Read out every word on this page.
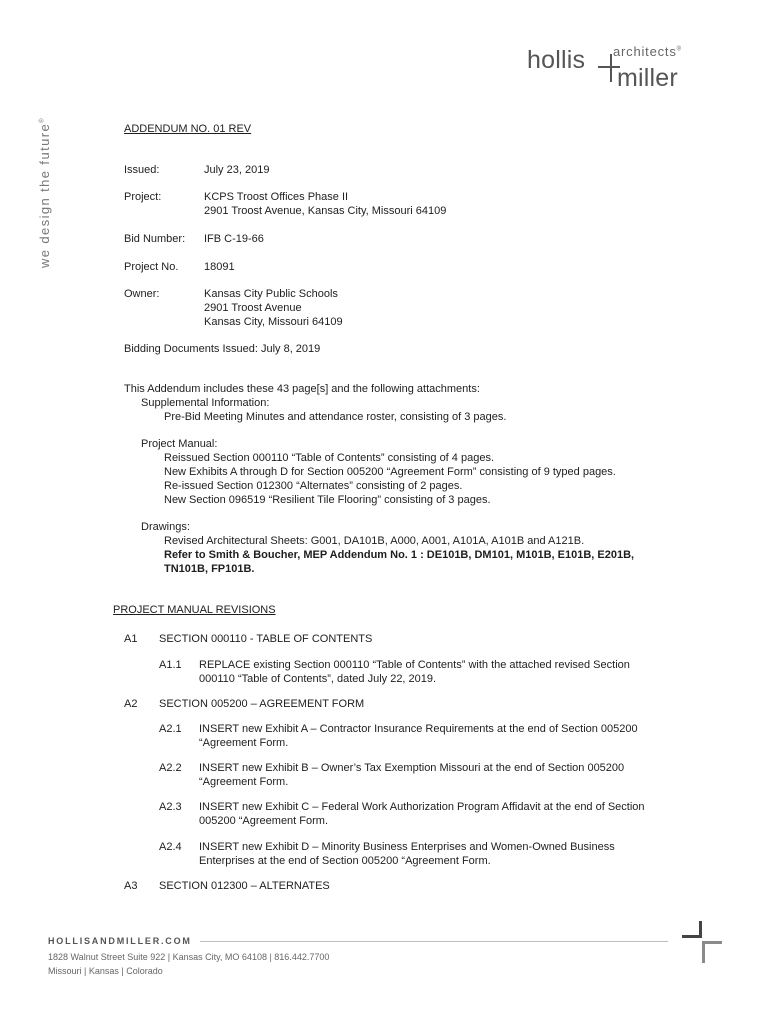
architects®
hollis
miller
we design the future®
ADDENDUM NO. 01 REV
Issued:	July 23, 2019
Project:	KCPS Troost Offices Phase II
2901 Troost Avenue, Kansas City, Missouri 64109
Bid Number: IFB C-19-66
Project No. 18091
Owner:	Kansas City Public Schools
2901 Troost Avenue
Kansas City, Missouri 64109
Bidding Documents Issued: July 8, 2019
This Addendum includes these 43 page[s] and the following attachments:
Supplemental Information:
Pre-Bid Meeting Minutes and attendance roster, consisting of 3 pages.
Project Manual:
Reissued Section 000110 “Table of Contents” consisting of 4 pages.
New Exhibits A through D for Section 005200 “Agreement Form” consisting of 9 typed pages.
Re-issued Section 012300 “Alternates” consisting of 2 pages.
New Section 096519 “Resilient Tile Flooring” consisting of 3 pages.
Drawings:
Revised Architectural Sheets: G001, DA101B, A000, A001, A101A, A101B and A121B.
Refer to Smith & Boucher, MEP Addendum No. 1 : DE101B, DM101, M101B, E101B, E201B,
TN101B, FP101B.
PROJECT MANUAL REVISIONS
A1 SECTION 000110 - TABLE OF CONTENTS
A1.1 REPLACE existing Section 000110 “Table of Contents” with the attached revised Section
000110 “Table of Contents”, dated July 22, 2019.
A2 SECTION 005200 – AGREEMENT FORM
A2.1 INSERT new Exhibit A – Contractor Insurance Requirements at the end of Section 005200
“Agreement Form.
A2.2 INSERT new Exhibit B – Owner’s Tax Exemption Missouri at the end of Section 005200
“Agreement Form.
A2.3 INSERT new Exhibit C – Federal Work Authorization Program Affidavit at the end of Section
005200 “Agreement Form.
A2.4 INSERT new Exhibit D – Minority Business Enterprises and Women-Owned Business
Enterprises at the end of Section 005200 “Agreement Form.
A3 SECTION 012300 – ALTERNATES
HOLLISANDMILLER.COM
1828 Walnut Street Suite 922 | Kansas City, MO 64108 | 816.442.7700
Missouri | Kansas | Colorado
